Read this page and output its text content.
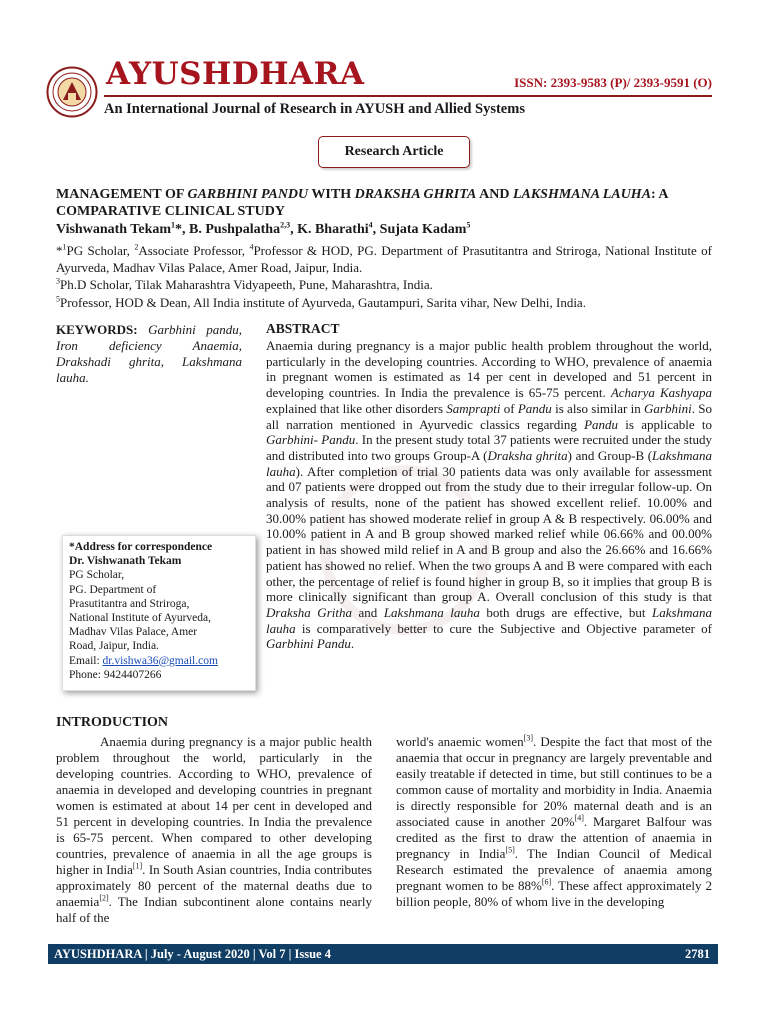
AYUSHDHARA	ISSN: 2393-9583 (P)/ 2393-9591 (O)
An International Journal of Research in AYUSH and Allied Systems
Research Article
MANAGEMENT OF GARBHINI PANDU WITH DRAKSHA GHRITA AND LAKSHMANA LAUHA: A
COMPARATIVE CLINICAL STUDY
Vishwanath Tekam$^1$*, B. Pushpalatha$^{2,3}$, K. Bharathi$^4$, Sujata Kadam$^5$
*$^1$PG Scholar, $^2$Associate Professor, $^4$Professor & HOD, PG. Department of Prasutitantra and Striroga, National Institute of Ayurveda, Madhav Vilas Palace, Amer Road, Jaipur, India.
$^3$Ph.D Scholar, Tilak Maharashtra Vidyapeeth, Pune, Maharashtra, India.
$^5$Professor, HOD & Dean, All India institute of Ayurveda, Gautampuri, Sarita vihar, New Delhi, India.
KEYWORDS: Garbhini pandu, Iron deficiency Anaemia, Drakshadi ghrita, Lakshmana lauha.
ABSTRACT
Anaemia during pregnancy is a major public health problem throughout the world, particularly in the developing countries. According to WHO, prevalence of anaemia in pregnant women is estimated as 14 per cent in developed and 51 percent in developing countries. In India the prevalence is 65-75 percent. Acharya Kashyapa explained that like other disorders Samprapti of Pandu is also similar in Garbhini. So all narration mentioned in Ayurvedic classics regarding Pandu is applicable to Garbhini- Pandu. In the present study total 37 patients were recruited under the study and distributed into two groups Group-A (Draksha ghrita) and Group-B (Lakshmana lauha). After completion of trial 30 patients data was only available for assessment and 07 patients were dropped out from the study due to their irregular follow-up. On analysis of results, none of the patient has showed excellent relief. 10.00% and 30.00% patient has showed moderate relief in group A & B respectively. 06.00% and 10.00% patient in A and B group showed marked relief while 06.66% and 00.00% patient in has showed mild relief in A and B group and also the 26.66% and 16.66% patient has showed no relief. When the two groups A and B were compared with each other, the percentage of relief is found higher in group B, so it implies that group B is more clinically significant than group A. Overall conclusion of this study is that Draksha Gritha and Lakshmana lauha both drugs are effective, but Lakshmana lauha is comparatively better to cure the Subjective and Objective parameter of Garbhini Pandu.
*Address for correspondence
Dr. Vishwanath Tekam
PG Scholar,
PG. Department of
Prasutitantra and Striroga,
National Institute of Ayurveda,
Madhav Vilas Palace, Amer
Road, Jaipur, India.
Email: dr.vishwa36@gmail.com
Phone: 9424407266
INTRODUCTION
Anaemia during pregnancy is a major public health problem throughout the world, particularly in the developing countries. According to WHO, prevalence of anaemia in developed and developing countries in pregnant women is estimated at about 14 per cent in developed and 51 percent in developing countries. In India the prevalence is 65-75 percent. When compared to other developing countries, prevalence of anaemia in all the age groups is higher in India[1]. In South Asian countries, India contributes approximately 80 percent of the maternal deaths due to anaemia[2]. The Indian subcontinent alone contains nearly half of the
world's anaemic women[3]. Despite the fact that most of the anaemia that occur in pregnancy are largely preventable and easily treatable if detected in time, but still continues to be a common cause of mortality and morbidity in India. Anaemia is directly responsible for 20% maternal death and is an associated cause in another 20%[4]. Margaret Balfour was credited as the first to draw the attention of anaemia in pregnancy in India[5]. The Indian Council of Medical Research estimated the prevalence of anaemia among pregnant women to be 88%[6]. These affect approximately 2 billion people, 80% of whom live in the developing
AYUSHDHARA | July - August 2020 | Vol 7 | Issue 4	2781
